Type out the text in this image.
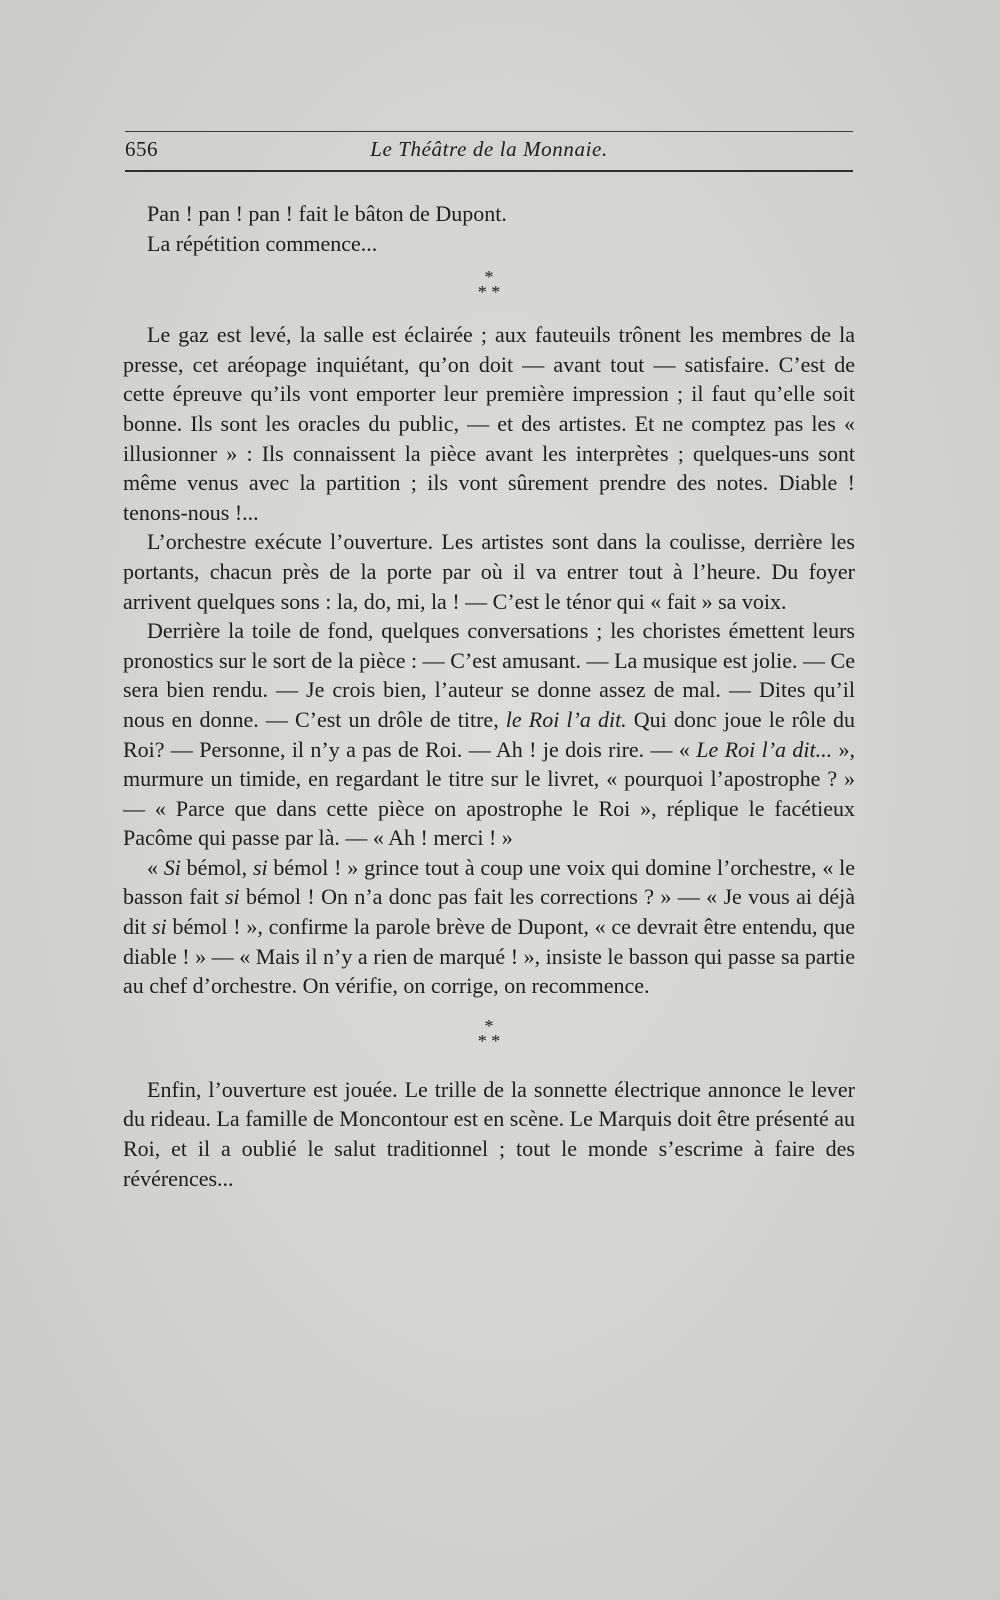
656	Le Théâtre de la Monnaie.

Pan ! pan ! pan ! fait le bâton de Dupont.

La répétition commence...

*
* *

Le gaz est levé, la salle est éclairée ; aux fauteuils trônent les membres de la presse, cet aréopage inquiétant, qu’on doit — avant tout — satisfaire. C’est de cette épreuve qu’ils vont emporter leur première impression ; il faut qu’elle soit bonne. Ils sont les oracles du public, — et des artistes. Et ne comptez pas les « illusionner » : Ils connaissent la pièce avant les interprètes ; quelques-uns sont même venus avec la partition ; ils vont sûrement prendre des notes. Diable ! tenons-nous !...

L’orchestre exécute l’ouverture. Les artistes sont dans la coulisse, derrière les portants, chacun près de la porte par où il va entrer tout à l’heure. Du foyer arrivent quelques sons : la, do, mi, la ! — C’est le ténor qui « fait » sa voix.

Derrière la toile de fond, quelques conversations ; les choristes émettent leurs pronostics sur le sort de la pièce : — C’est amusant. — La musique est jolie. — Ce sera bien rendu. — Je crois bien, l’auteur se donne assez de mal. — Dites qu’il nous en donne. — C’est un drôle de titre, le Roi l’a dit. Qui donc joue le rôle du Roi? — Personne, il n’y a pas de Roi. — Ah ! je dois rire. — « Le Roi l’a dit... », murmure un timide, en regardant le titre sur le livret, « pourquoi l’apostrophe ? » — « Parce que dans cette pièce on apostrophe le Roi », réplique le facétieux Pacôme qui passe par là. — « Ah ! merci ! »

« Si bémol, si bémol ! » grince tout à coup une voix qui domine l’orchestre, « le basson fait si bémol ! On n’a donc pas fait les corrections ? » — « Je vous ai déjà dit si bémol ! », confirme la parole brève de Dupont, « ce devrait être entendu, que diable ! » — « Mais il n’y a rien de marqué ! », insiste le basson qui passe sa partie au chef d’orchestre. On vérifie, on corrige, on recommence.

*
* *

Enfin, l’ouverture est jouée. Le trille de la sonnette électrique annonce le lever du rideau. La famille de Moncontour est en scène. Le Marquis doit être présenté au Roi, et il a oublié le salut traditionnel ; tout le monde s’escrime à faire des révérences...
